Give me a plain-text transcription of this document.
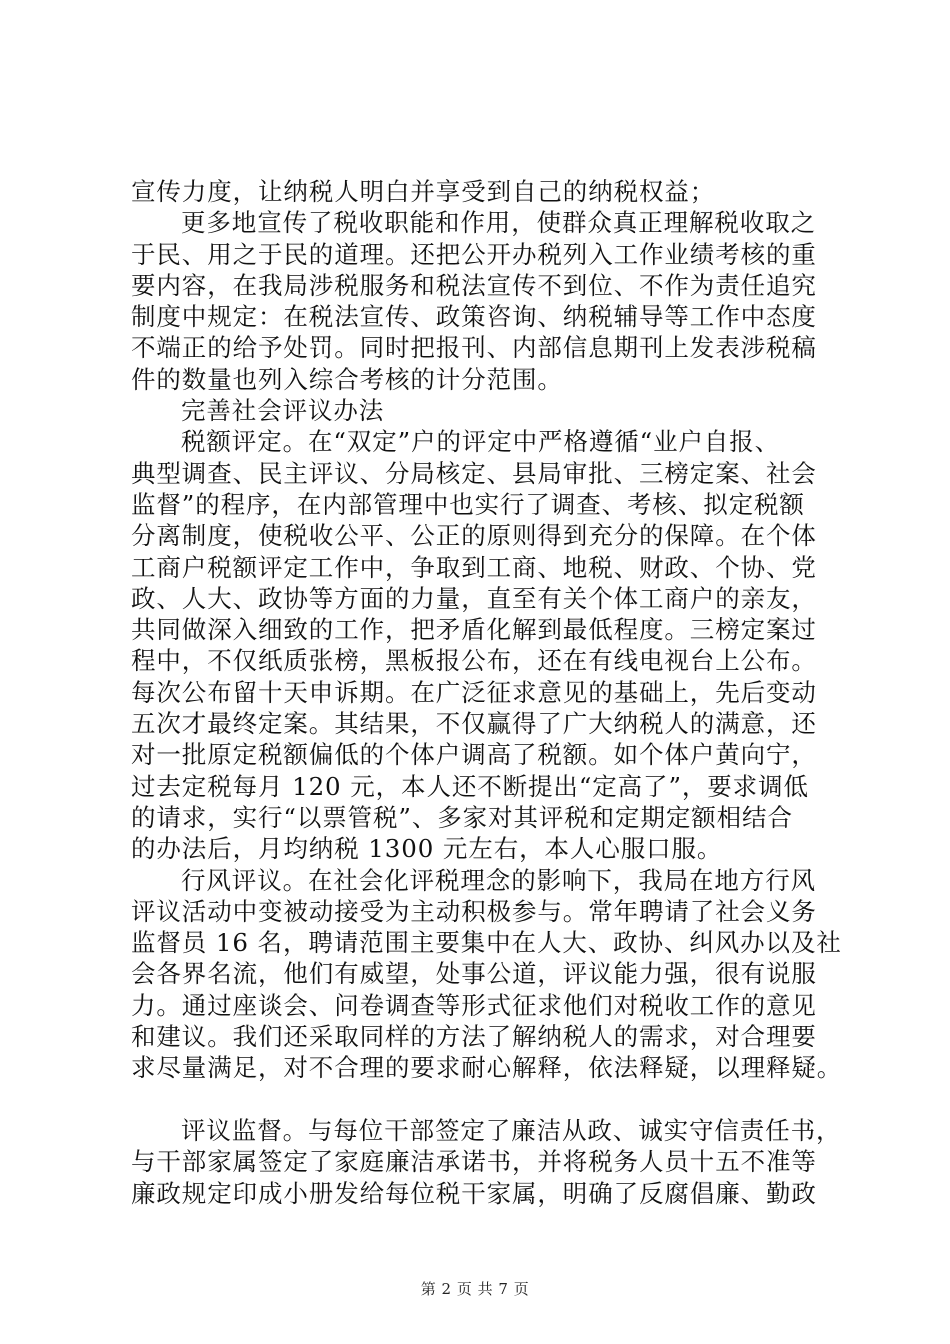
宣传力度，让纳税人明白并享受到自己的纳税权益；
更多地宣传了税收职能和作用，使群众真正理解税收取之
于民、用之于民的道理。还把公开办税列入工作业绩考核的重
要内容，在我局涉税服务和税法宣传不到位、不作为责任追究
制度中规定：在税法宣传、政策咨询、纳税辅导等工作中态度
不端正的给予处罚。同时把报刊、内部信息期刊上发表涉税稿
件的数量也列入综合考核的计分范围。
完善社会评议办法
税额评定。在“双定”户的评定中严格遵循“业户自报、
典型调查、民主评议、分局核定、县局审批、三榜定案、社会
监督”的程序，在内部管理中也实行了调查、考核、拟定税额
分离制度，使税收公平、公正的原则得到充分的保障。在个体
工商户税额评定工作中，争取到工商、地税、财政、个协、党
政、人大、政协等方面的力量，直至有关个体工商户的亲友，
共同做深入细致的工作，把矛盾化解到最低程度。三榜定案过
程中，不仅纸质张榜，黑板报公布，还在有线电视台上公布。
每次公布留十天申诉期。在广泛征求意见的基础上，先后变动
五次才最终定案。其结果，不仅赢得了广大纳税人的满意，还
对一批原定税额偏低的个体户调高了税额。如个体户黄向宁，
过去定税每月 120 元，本人还不断提出“定高了”，要求调低
的请求，实行“以票管税”、多家对其评税和定期定额相结合
的办法后，月均纳税 1300 元左右，本人心服口服。
行风评议。在社会化评税理念的影响下，我局在地方行风
评议活动中变被动接受为主动积极参与。常年聘请了社会义务
监督员 16 名，聘请范围主要集中在人大、政协、纠风办以及社
会各界名流，他们有威望，处事公道，评议能力强，很有说服
力。通过座谈会、问卷调查等形式征求他们对税收工作的意见
和建议。我们还采取同样的方法了解纳税人的需求，对合理要
求尽量满足，对不合理的要求耐心解释，依法释疑，以理释疑。
评议监督。与每位干部签定了廉洁从政、诚实守信责任书，
与干部家属签定了家庭廉洁承诺书，并将税务人员十五不准等
廉政规定印成小册发给每位税干家属，明确了反腐倡廉、勤政
第 2 页 共 7 页
